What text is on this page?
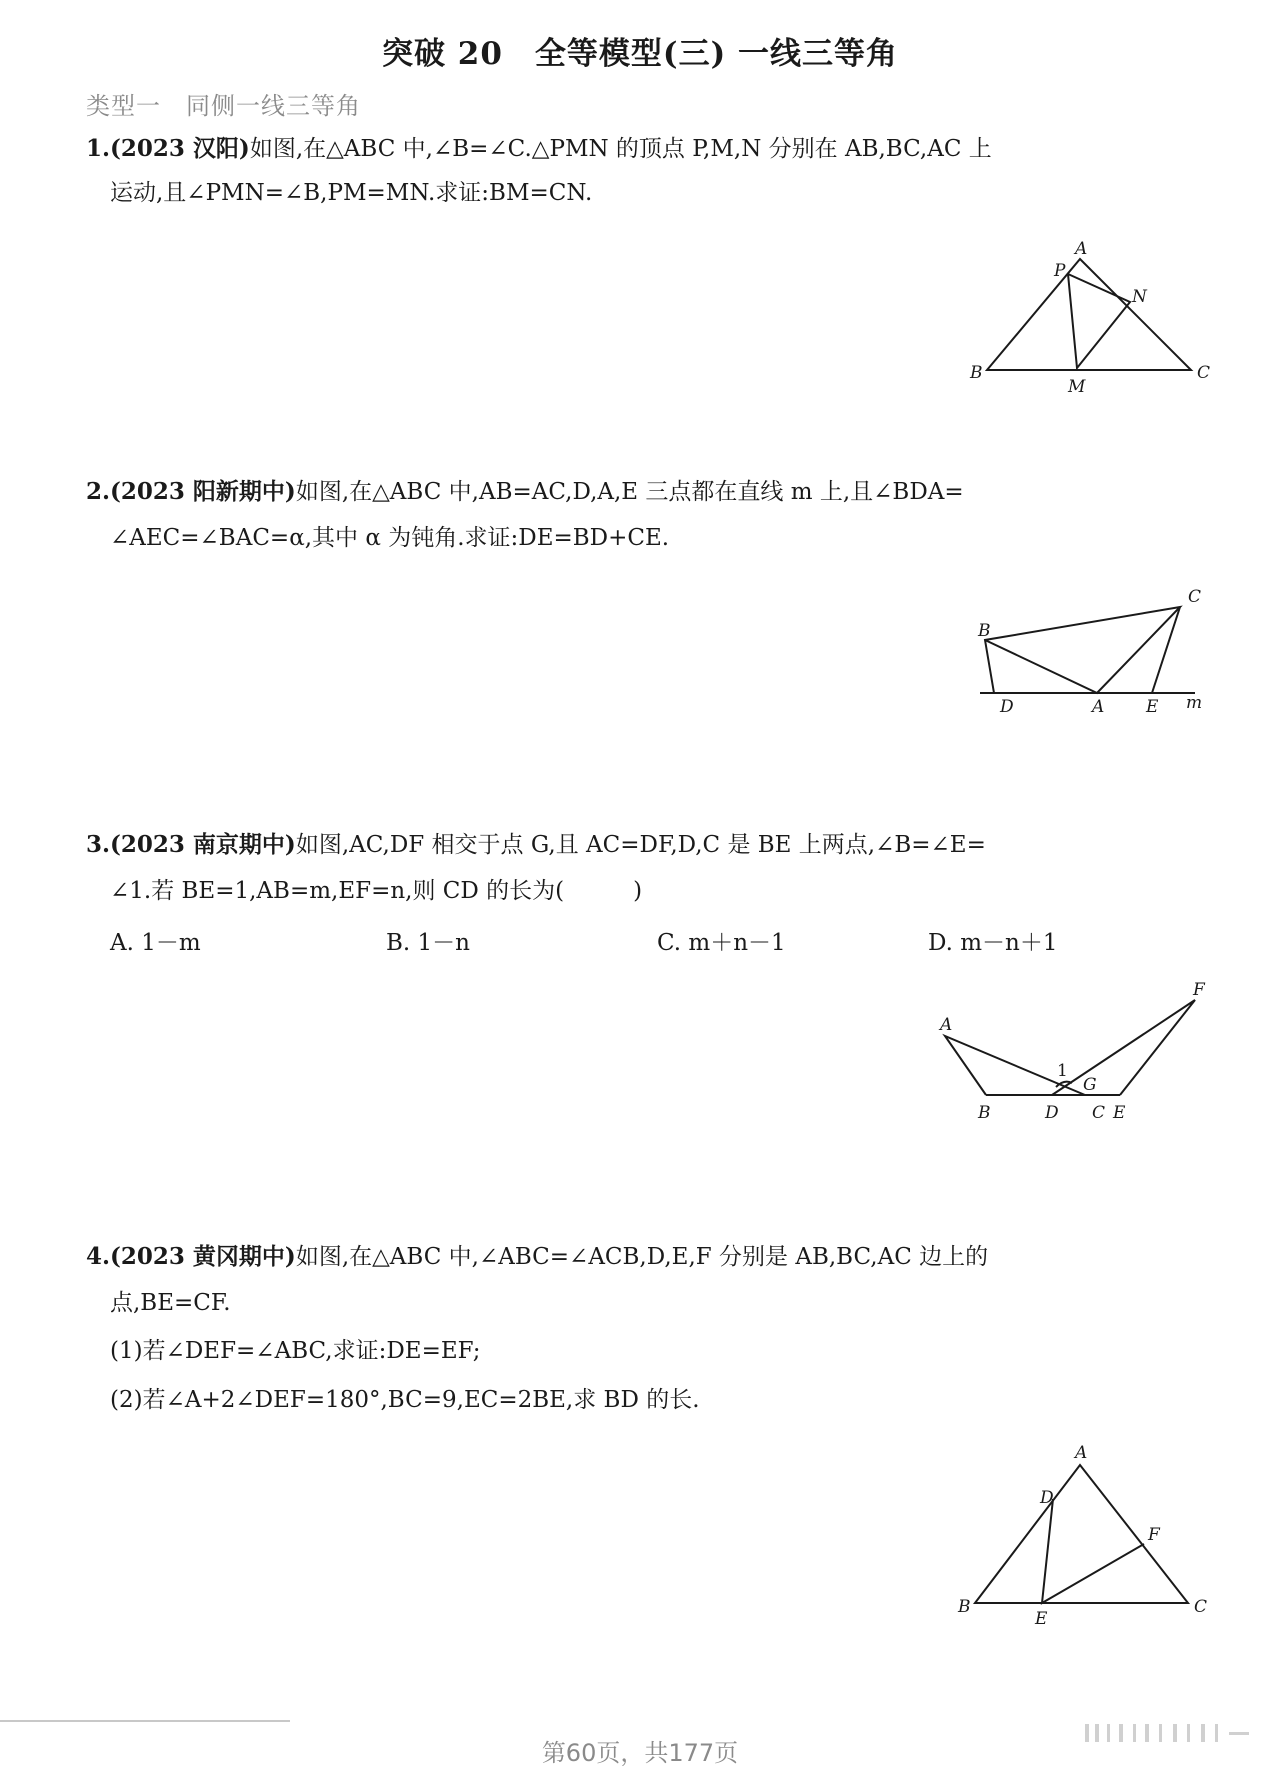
突破 20　全等模型(三) 一线三等角
类型一　同侧一线三等角
1.(2023 汉阳)如图,在△ABC 中,∠B=∠C.△PMN 的顶点 P,M,N 分别在 AB,BC,AC 上
运动,且∠PMN=∠B,PM=MN.求证:BM=CN.
A
B	C
P
M
N
2.(2023 阳新期中)如图,在△ABC 中,AB=AC,D,A,E 三点都在直线 m 上,且∠BDA=
∠AEC=∠BAC=α,其中 α 为钝角.求证:DE=BD+CE.
C
B
D	A E m
3.(2023 南京期中)如图,AC,DF 相交于点 G,且 AC=DF,D,C 是 BE 上两点,∠B=∠E=
∠1.若 BE=1,AB=m,EF=n,则 CD 的长为(　　　)
A. 1－m	B. 1－n	C. m＋n－1	D. m－n＋1
A
F
1
G
B	D C E
4.(2023 黄冈期中)如图,在△ABC 中,∠ABC=∠ACB,D,E,F 分别是 AB,BC,AC 边上的
点,BE=CF.
(1)若∠DEF=∠ABC,求证:DE=EF;
(2)若∠A+2∠DEF=180°,BC=9,EC=2BE,求 BD 的长.
A
D
F
B
E
C
第60页，共177页
